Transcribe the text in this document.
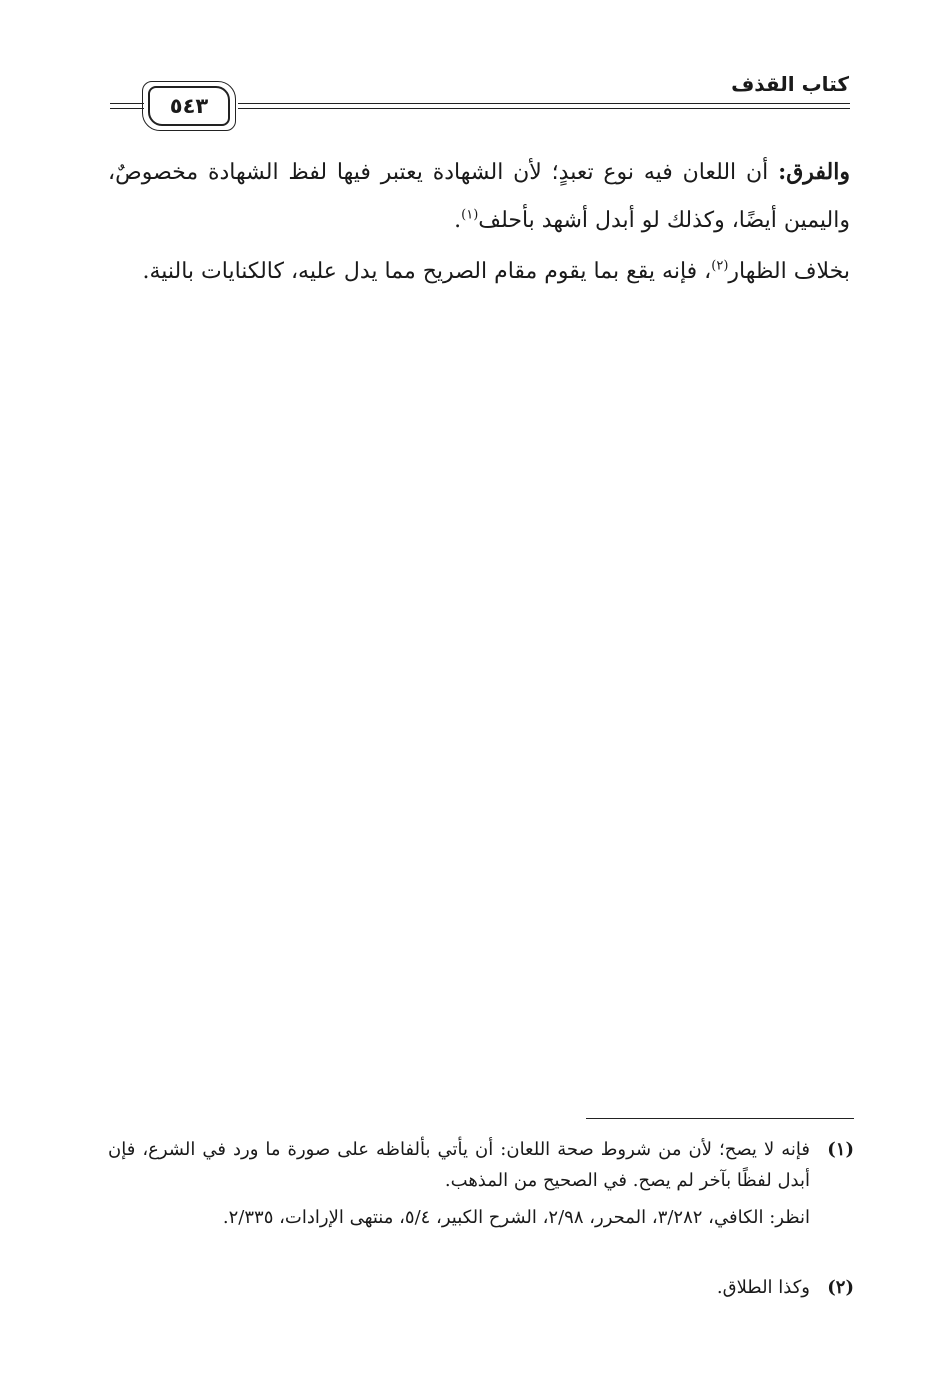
كتاب القذف
٥٤٣

والفرق: أن اللعان فيه نوع تعبدٍ؛ لأن الشهادة يعتبر فيها لفظ الشهادة مخصوصٌ، واليمين أيضًا، وكذلك لو أبدل أشهد بأحلف$^{(١)}$.

بخلاف الظهار$^{(٢)}$، فإنه يقع بما يقوم مقام الصريح مما يدل عليه، كالكنايات بالنية.

(١)

فإنه لا يصح؛ لأن من شروط صحة اللعان: أن يأتي بألفاظه على صورة ما ورد في الشرع، فإن أبدل لفظًا بآخر لم يصح. في الصحيح من المذهب.

انظر: الكافي، ٣/٢٨٢، المحرر، ٢/٩٨، الشرح الكبير، ٥/٤، منتهى الإرادات، ٢/٣٣٥.

(٢)

وكذا الطلاق.
